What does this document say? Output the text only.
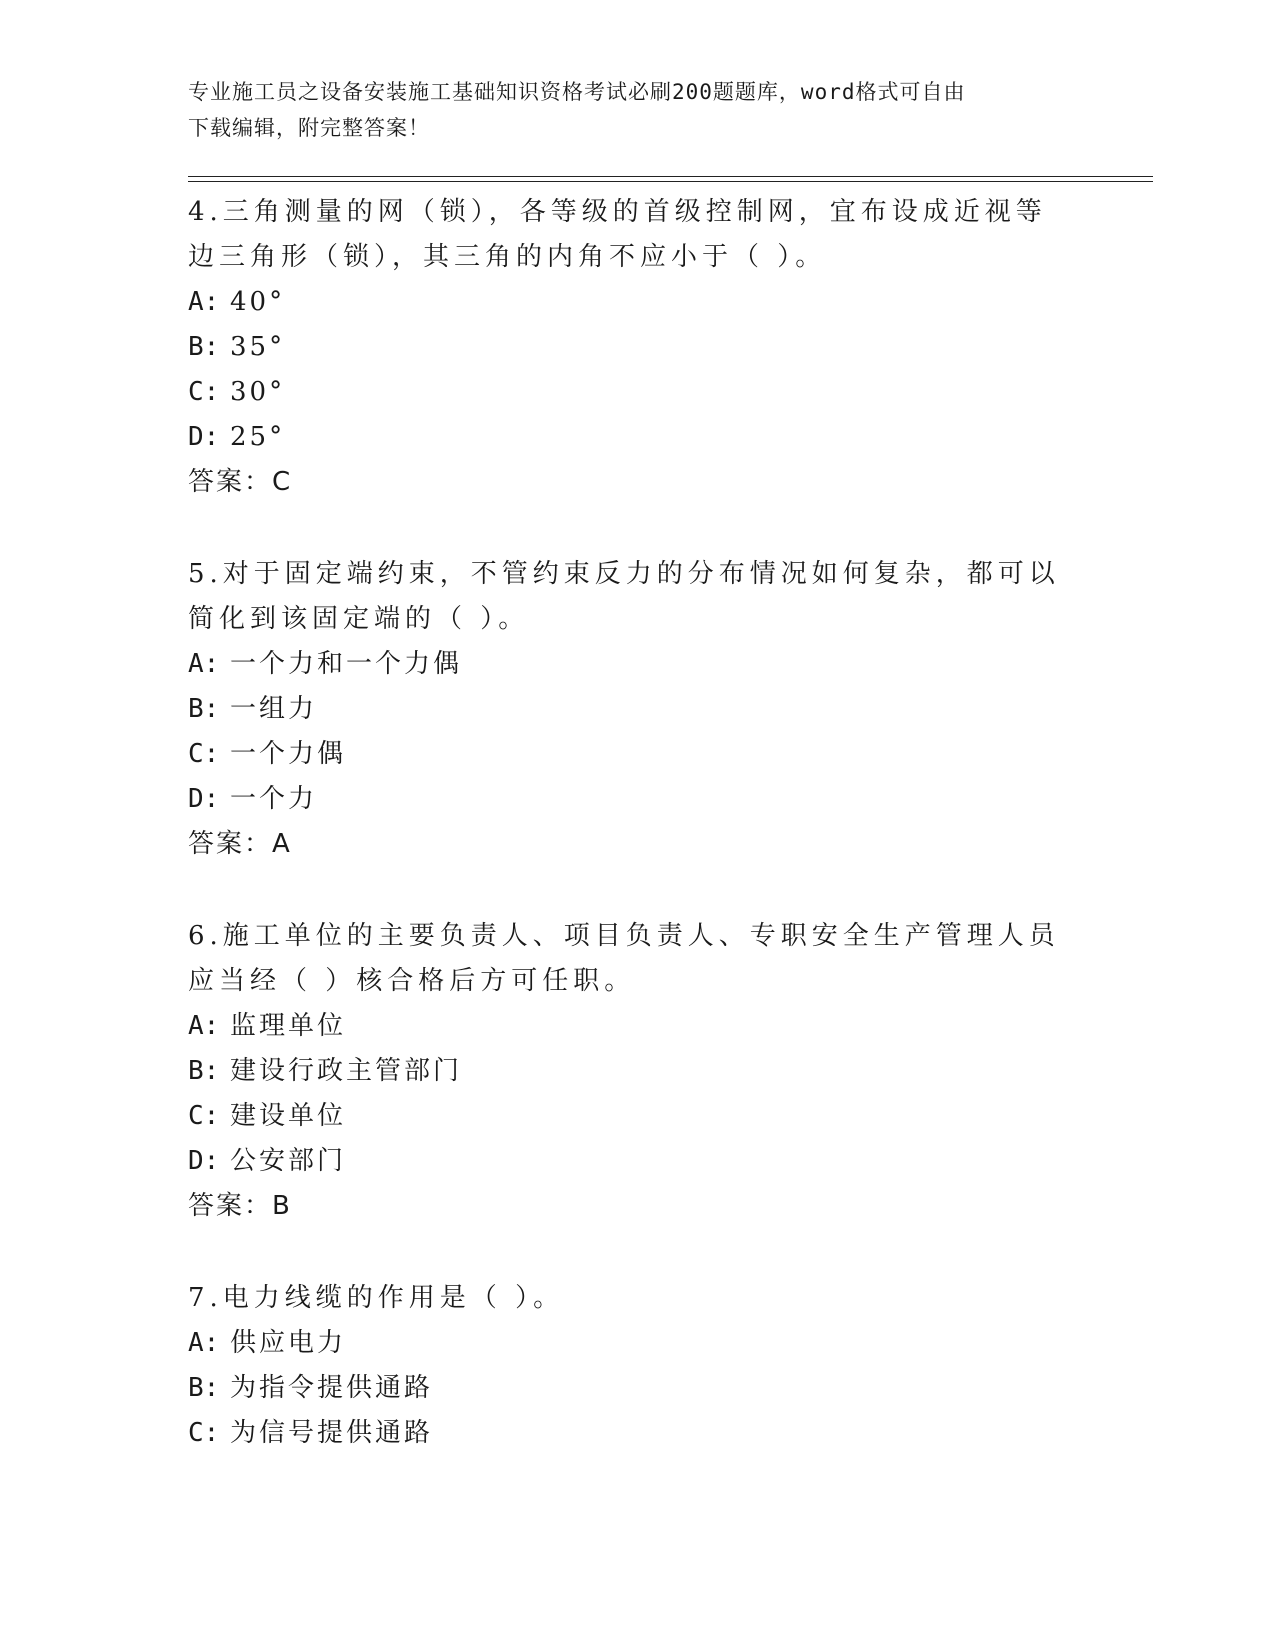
专业施工员之设备安装施工基础知识资格考试必刷200题题库，word格式可自由
下载编辑，附完整答案！
4.三角测量的网（锁），各等级的首级控制网，宜布设成近视等边三角形（锁），其三角的内角不应小于（ ）。
A: 40°
B: 35°
C: 30°
D: 25°
答案：C
5.对于固定端约束，不管约束反力的分布情况如何复杂，都可以简化到该固定端的（ ）。
A: 一个力和一个力偶
B: 一组力
C: 一个力偶
D: 一个力
答案：A
6.施工单位的主要负责人、项目负责人、专职安全生产管理人员应当经（ ）核合格后方可任职。
A: 监理单位
B: 建设行政主管部门
C: 建设单位
D: 公安部门
答案：B
7.电力线缆的作用是（ ）。
A: 供应电力
B: 为指令提供通路
C: 为信号提供通路
